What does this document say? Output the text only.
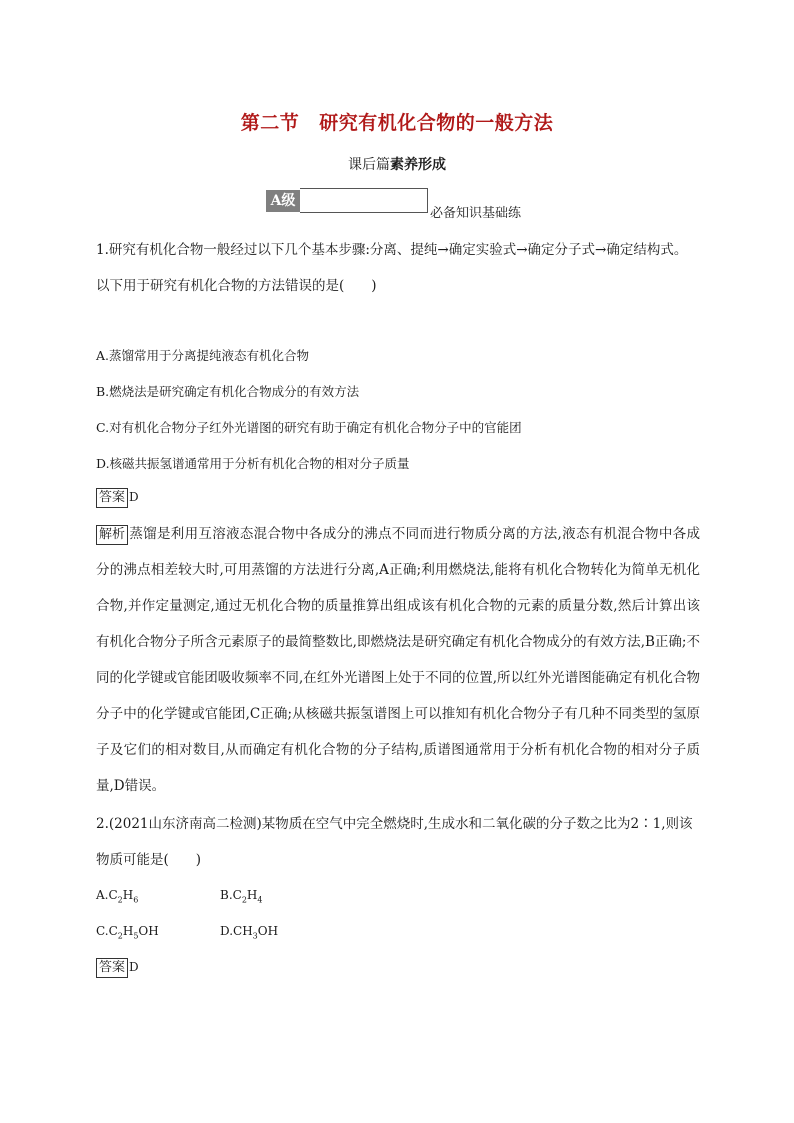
第二节 研究有机化合物的一般方法
课后篇素养形成
A级
必备知识基础练
1.研究有机化合物一般经过以下几个基本步骤:分离、提纯→确定实验式→确定分子式→确定结构式。以下用于研究有机化合物的方法错误的是(　　)
A.蒸馏常用于分离提纯液态有机化合物
B.燃烧法是研究确定有机化合物成分的有效方法
C.对有机化合物分子红外光谱图的研究有助于确定有机化合物分子中的官能团
D.核磁共振氢谱通常用于分析有机化合物的相对分子质量
答案 D
解析 蒸馏是利用互溶液态混合物中各成分的沸点不同而进行物质分离的方法,液态有机混合物中各成分的沸点相差较大时,可用蒸馏的方法进行分离,A正确;利用燃烧法,能将有机化合物转化为简单无机化合物,并作定量测定,通过无机化合物的质量推算出组成该有机化合物的元素的质量分数,然后计算出该有机化合物分子所含元素原子的最简整数比,即燃烧法是研究确定有机化合物成分的有效方法,B正确;不同的化学键或官能团吸收频率不同,在红外光谱图上处于不同的位置,所以红外光谱图能确定有机化合物分子中的化学键或官能团,C正确;从核磁共振氢谱图上可以推知有机化合物分子有几种不同类型的氢原子及它们的相对数目,从而确定有机化合物的分子结构,质谱图通常用于分析有机化合物的相对分子质量,D错误。
2.(2021山东济南高二检测)某物质在空气中完全燃烧时,生成水和二氧化碳的分子数之比为2∶1,则该物质可能是(　　)
$A.C_2H_6$	$B.C_2H_4$
$C.C_2H_5OH$	$D.CH_3OH$
答案 D
